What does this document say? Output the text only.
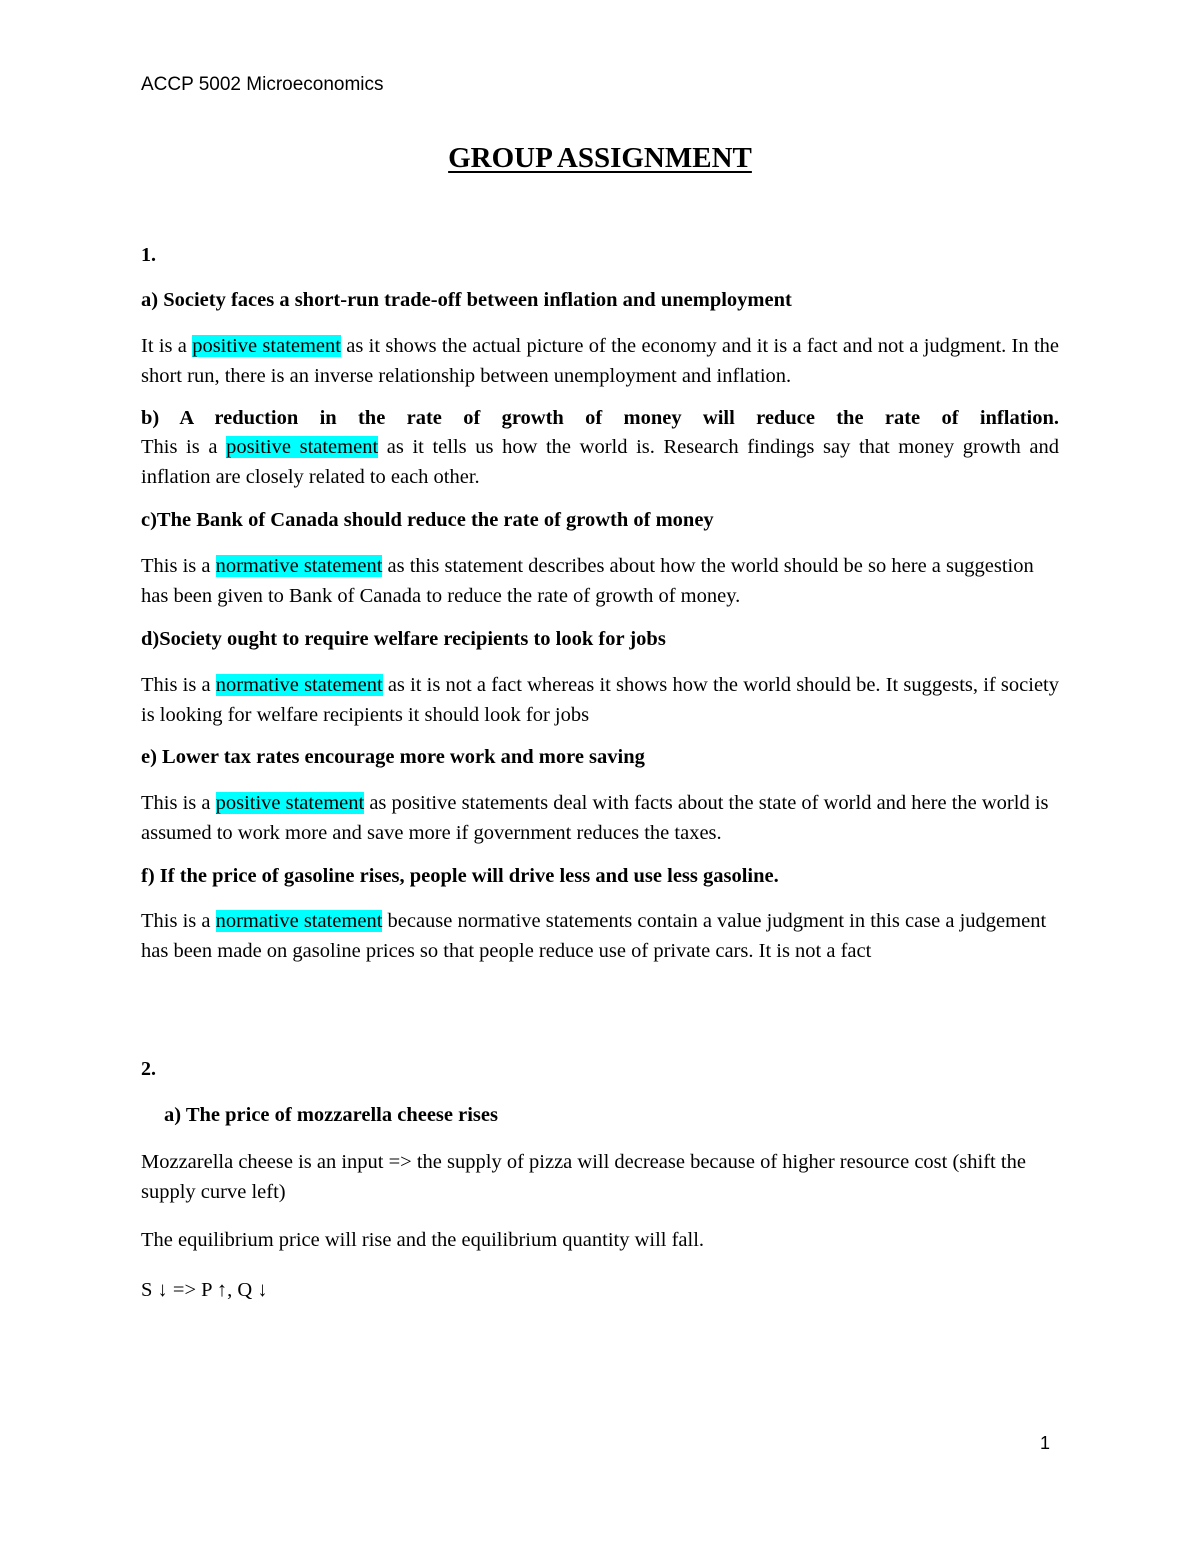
ACCP 5002 Microeconomics
GROUP ASSIGNMENT
1.
a) Society faces a short-run trade-off between inflation and unemployment
It is a positive statement as it shows the actual picture of the economy and it is a fact and not a judgment. In the short run, there is an inverse relationship between unemployment and inflation.
b) A reduction in the rate of growth of money will reduce the rate of inflation.
This is a positive statement as it tells us how the world is. Research findings say that money growth and inflation are closely related to each other.
c)The Bank of Canada should reduce the rate of growth of money
This is a normative statement as this statement describes about how the world should be so here a suggestion has been given to Bank of Canada to reduce the rate of growth of money.
d)Society ought to require welfare recipients to look for jobs
This is a normative statement as it is not a fact whereas it shows how the world should be. It suggests, if society is looking for welfare recipients it should look for jobs
e) Lower tax rates encourage more work and more saving
This is a positive statement as positive statements deal with facts about the state of world and here the world is assumed to work more and save more if government reduces the taxes.
f) If the price of gasoline rises, people will drive less and use less gasoline.
This is a normative statement because normative statements contain a value judgment in this case a judgement has been made on gasoline prices so that people reduce use of private cars. It is not a fact
2.
a) The price of mozzarella cheese rises
Mozzarella cheese is an input => the supply of pizza will decrease because of higher resource cost (shift the supply curve left)
The equilibrium price will rise and the equilibrium quantity will fall.
S ↓ => P ↑, Q ↓
1
